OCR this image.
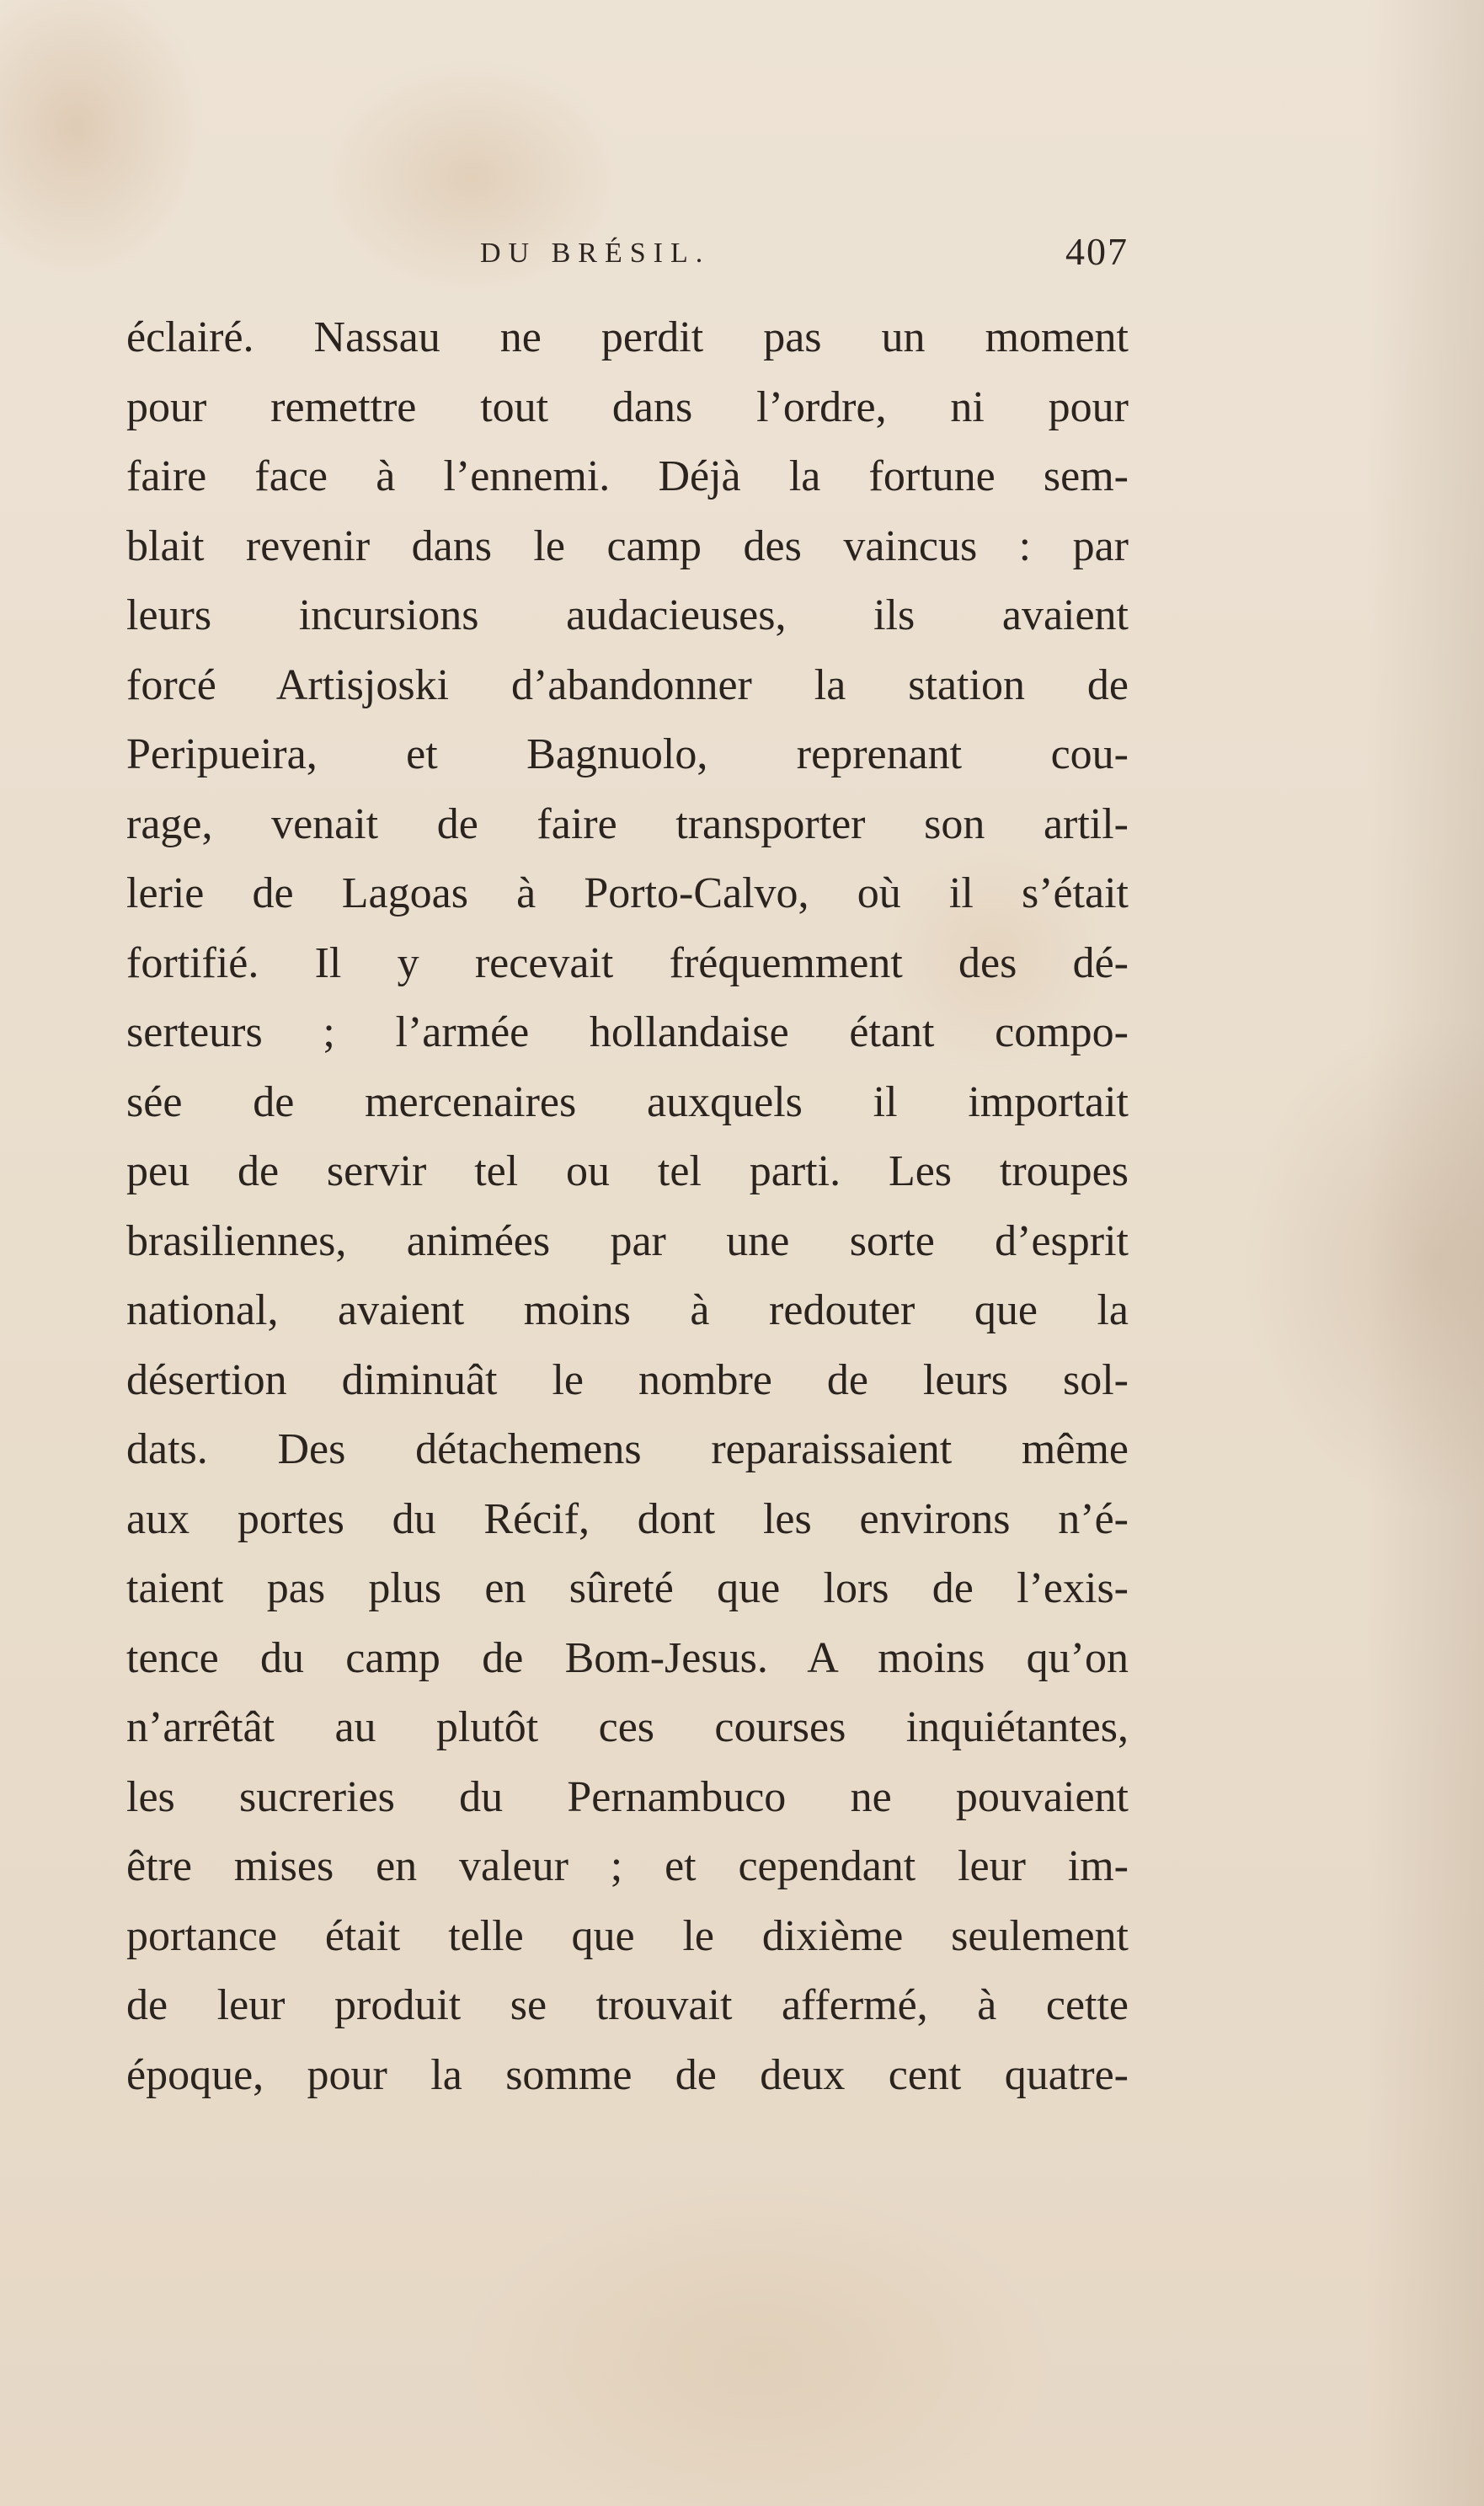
DU BRÉSIL.	407
éclairé. Nassau ne perdit pas un moment
pour remettre tout dans l’ordre, ni pour
faire face à l’ennemi. Déjà la fortune sem-
blait revenir dans le camp des vaincus : par
leurs incursions audacieuses, ils avaient
forcé Artisjoski d’abandonner la station de
Peripueira, et Bagnuolo, reprenant cou-
rage, venait de faire transporter son artil-
lerie de Lagoas à Porto-Calvo, où il s’était
fortifié. Il y recevait fréquemment des dé-
serteurs ; l’armée hollandaise étant compo-
sée de mercenaires auxquels il importait
peu de servir tel ou tel parti. Les troupes
brasiliennes, animées par une sorte d’esprit
national, avaient moins à redouter que la
désertion diminuât le nombre de leurs sol-
dats. Des détachemens reparaissaient même
aux portes du Récif, dont les environs n’é-
taient pas plus en sûreté que lors de l’exis-
tence du camp de Bom-Jesus. A moins qu’on
n’arrêtât au plutôt ces courses inquiétantes,
les sucreries du Pernambuco ne pouvaient
être mises en valeur ; et cependant leur im-
portance était telle que le dixième seulement
de leur produit se trouvait affermé, à cette
époque, pour la somme de deux cent quatre-
